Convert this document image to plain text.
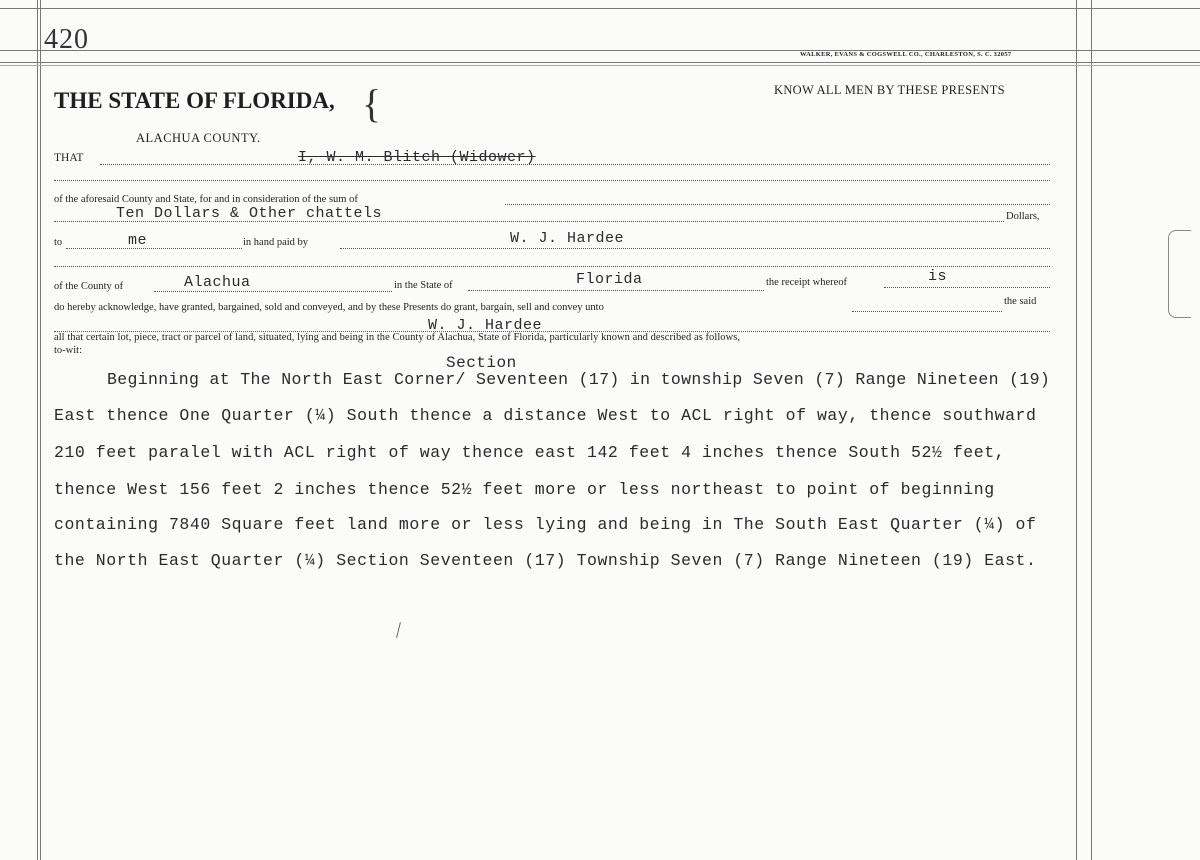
420	WALKER, EVANS & COGSWELL CO., CHARLESTON, S. C. 32057
THE STATE OF FLORIDA, {
ALACHUA COUNTY.
KNOW ALL MEN BY THESE PRESENTS
THAT	I, W. M. Blitch (Widower)
of the aforesaid County and State, for and in consideration of the sum of
Ten Dollars & Other chattels	Dollars,
to	me	in hand paid by	W. J. Hardee
of the County of	Alachua	in the State of	Florida	the receipt whereof	is
do hereby acknowledge, have granted, bargained, sold and conveyed, and by these Presents do grant, bargain, sell and convey unto
the said
W. J. Hardee
all that certain lot, piece, tract or parcel of land, situated, lying and being in the County of Alachua, State of Florida, particularly known and described as follows,
to-wit:
Section
Beginning at The North East Corner/ Seventeen (17) in township Seven (7) Range Nineteen (19)
East thence One Quarter (¼) South thence a distance West to ACL right of way, thence southward
210 feet paralel with ACL right of way thence east 142 feet 4 inches thence South 52½ feet,
thence West 156 feet 2 inches thence 52½ feet more or less northeast to point of beginning
containing 7840 Square feet land more or less lying and being in The South East Quarter (¼) of
the North East Quarter (¼) Section Seventeen (17) Township Seven (7) Range Nineteen (19) East.
